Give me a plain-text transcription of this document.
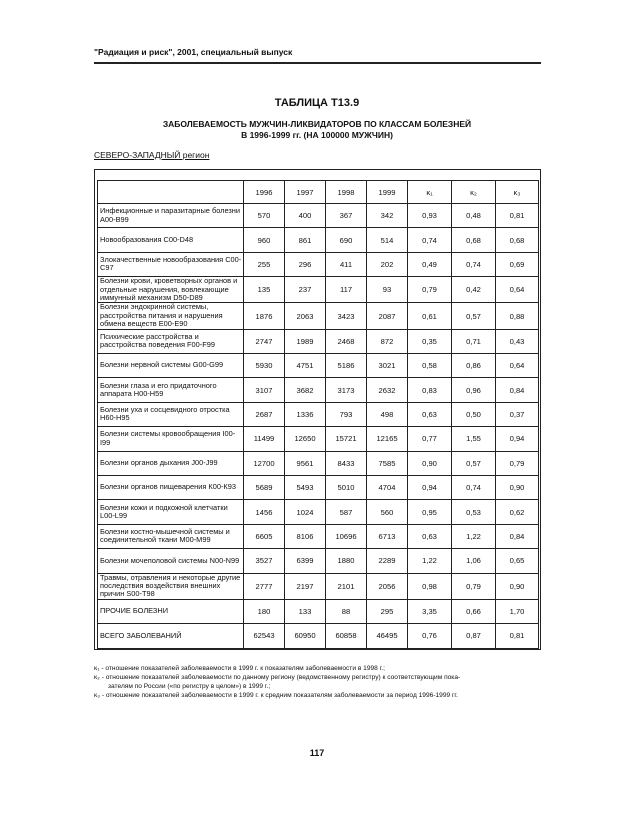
"Радиация и риск", 2001, специальный выпуск
ТАБЛИЦА Т13.9
ЗАБОЛЕВАЕМОСТЬ МУЖЧИН-ЛИКВИДАТОРОВ ПО КЛАССАМ БОЛЕЗНЕЙ
В 1996-1999 гг. (НА 100000 МУЖЧИН)
СЕВЕРО-ЗАПАДНЫЙ регион
	1996	1997	1998	1999	κ₁	κ₂	κ₃
Инфекционные и паразитарные болезни А00-В99	570	400	367	342	0,93	0,48	0,81
Новообразования С00-D48	960	861	690	514	0,74	0,68	0,68
Злокачественные новообразования С00-С97	255	296	411	202	0,49	0,74	0,69
Болезни крови, кроветворных органов и отдельные нарушения, вовлекающие иммунный механизм D50-D89	135	237	117	93	0,79	0,42	0,64
Болезни эндокринной системы, расстройства питания и нарушения обмена веществ Е00-Е90	1876	2063	3423	2087	0,61	0,57	0,88
Психические расстройства и расстройства поведения F00-F99	2747	1989	2468	872	0,35	0,71	0,43
Болезни нервной системы G00-G99	5930	4751	5186	3021	0,58	0,86	0,64
Болезни глаза и его придаточного аппарата Н00-Н59	3107	3682	3173	2632	0,83	0,96	0,84
Болезни уха и сосцевидного отростка Н60-Н95	2687	1336	793	498	0,63	0,50	0,37
Болезни системы кровообращения I00-I99	11499	12650	15721	12165	0,77	1,55	0,94
Болезни органов дыхания J00-J99	12700	9561	8433	7585	0,90	0,57	0,79
Болезни органов пищеварения К00-К93	5689	5493	5010	4704	0,94	0,74	0,90
Болезни кожи и подкожной клетчатки L00-L99	1456	1024	587	560	0,95	0,53	0,62
Болезни костно-мышечной системы и соединительной ткани М00-М99	6605	8106	10696	6713	0,63	1,22	0,84
Болезни мочеполовой системы N00-N99	3527	6399	1880	2289	1,22	1,06	0,65
Травмы, отравления и некоторые другие последствия воздействия внешних причин S00-Т98	2777	2197	2101	2056	0,98	0,79	0,90
ПРОЧИЕ БОЛЕЗНИ	180	133	88	295	3,35	0,66	1,70
ВСЕГО ЗАБОЛЕВАНИЙ	62543	60950	60858	46495	0,76	0,87	0,81
κ₁ - отношение показателей заболеваемости в 1999 г. к показателям заболеваемости в 1998 г.;
κ₂ - отношение показателей заболеваемости по данному региону (ведомственному регистру) к соответствующим пока-
зателям по России («по регистру в целом») в 1999 г.;
κ₃ - отношение показателей заболеваемости в 1999 г. к средним показателям заболеваемости за период 1996-1999 гг.
117
